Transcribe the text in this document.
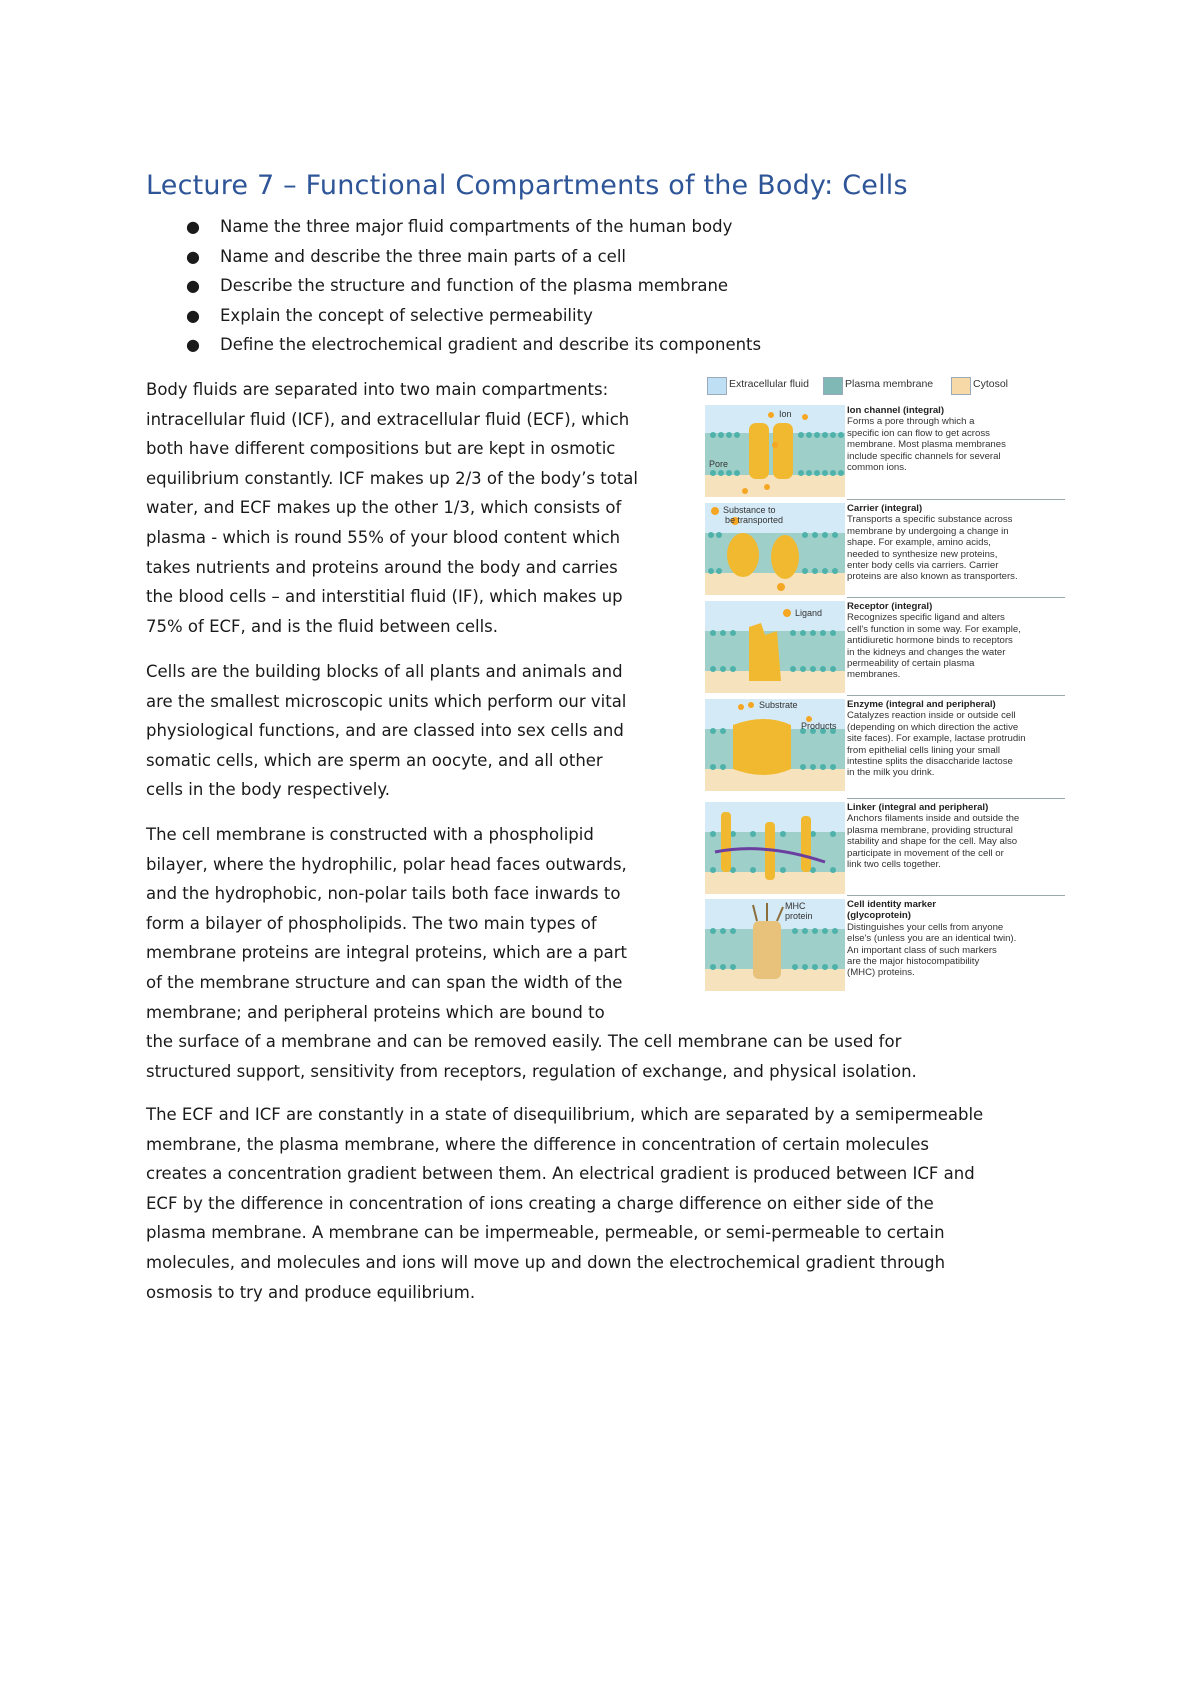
Lecture 7 – Functional Compartments of the Body: Cells
● Name the three major fluid compartments of the human body
● Name and describe the three main parts of a cell
● Describe the structure and function of the plasma membrane
● Explain the concept of selective permeability
● Define the electrochemical gradient and describe its components

Body fluids are separated into two main compartments:
intracellular fluid (ICF), and extracellular fluid (ECF), which
both have different compositions but are kept in osmotic
equilibrium constantly. ICF makes up 2/3 of the body’s total
water, and ECF makes up the other 1/3, which consists of
plasma - which is round 55% of your blood content which
takes nutrients and proteins around the body and carries
the blood cells – and interstitial fluid (IF), which makes up
75% of ECF, and is the fluid between cells.

Cells are the building blocks of all plants and animals and
are the smallest microscopic units which perform our vital
physiological functions, and are classed into sex cells and
somatic cells, which are sperm an oocyte, and all other
cells in the body respectively.

The cell membrane is constructed with a phospholipid
bilayer, where the hydrophilic, polar head faces outwards,
and the hydrophobic, non-polar tails both face inwards to
form a bilayer of phospholipids. The two main types of
membrane proteins are integral proteins, which are a part
of the membrane structure and can span the width of the
membrane; and peripheral proteins which are bound to
the surface of a membrane and can be removed easily. The cell membrane can be used for
structured support, sensitivity from receptors, regulation of exchange, and physical isolation.

The ECF and ICF are constantly in a state of disequilibrium, which are separated by a semipermeable
membrane, the plasma membrane, where the difference in concentration of certain molecules
creates a concentration gradient between them. An electrical gradient is produced between ICF and
ECF by the difference in concentration of ions creating a charge difference on either side of the
plasma membrane. A membrane can be impermeable, permeable, or semi-permeable to certain
molecules, and molecules and ions will move up and down the electrochemical gradient through
osmosis to try and produce equilibrium.

Extracellular fluid	Plasma membrane	Cytosol
Ion
Pore
Ion channel (integral)
Forms a pore through which a
specific ion can flow to get across
membrane. Most plasma membranes
include specific channels for several
common ions.
Substance to
be transported
Carrier (integral)
Transports a specific substance across
membrane by undergoing a change in
shape. For example, amino acids,
needed to synthesize new proteins,
enter body cells via carriers. Carrier
proteins are also known as transporters.
Ligand
Receptor (integral)
Recognizes specific ligand and alters
cell's function in some way. For example,
antidiuretic hormone binds to receptors
in the kidneys and changes the water
permeability of certain plasma
membranes.
Substrate
Products
Enzyme (integral and peripheral)
Catalyzes reaction inside or outside cell
(depending on which direction the active
site faces). For example, lactase protrudin
from epithelial cells lining your small
intestine splits the disaccharide lactose
in the milk you drink.
Linker (integral and peripheral)
Anchors filaments inside and outside the
plasma membrane, providing structural
stability and shape for the cell. May also
participate in movement of the cell or
link two cells together.
MHC
protein
Cell identity marker
(glycoprotein)
Distinguishes your cells from anyone
else's (unless you are an identical twin).
An important class of such markers
are the major histocompatibility
(MHC) proteins.
